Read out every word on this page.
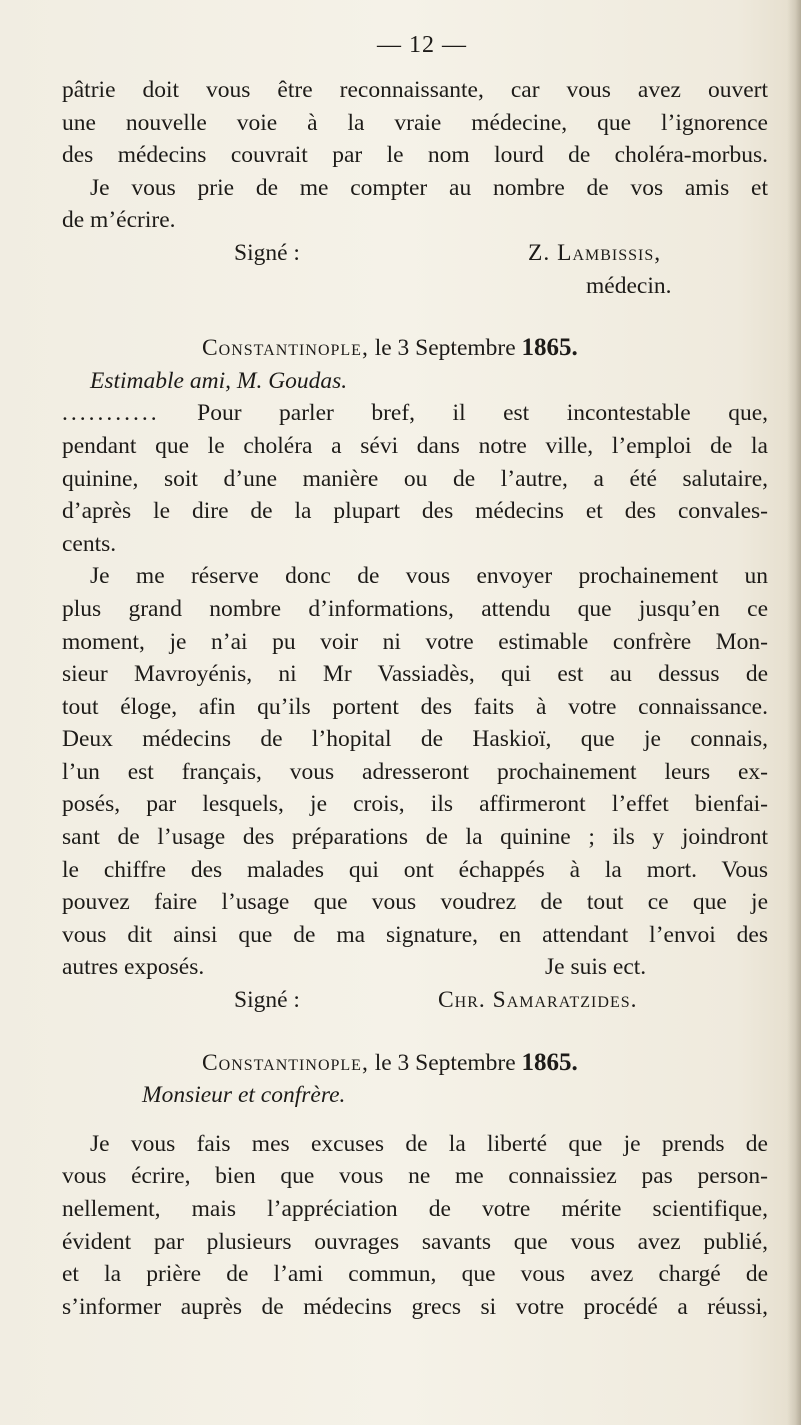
— 12 —
pâtrie doit vous être reconnaissante, car vous avez ouvert
une nouvelle voie à la vraie médecine, que l’ignorence
des médecins couvrait par le nom lourd de choléra-morbus.
Je vous prie de me compter au nombre de vos amis et
de m’écrire.
Signé :	Z. Lambissis,
médecin.
Constantinople, le 3 Septembre 1865.
Estimable ami, M. Goudas.
........... Pour parler bref, il est incontestable que,
pendant que le choléra a sévi dans notre ville, l’emploi de la
quinine, soit d’une manière ou de l’autre, a été salutaire,
d’après le dire de la plupart des médecins et des convales-
cents.
Je me réserve donc de vous envoyer prochainement un
plus grand nombre d’informations, attendu que jusqu’en ce
moment, je n’ai pu voir ni votre estimable confrère Mon-
sieur Mavroyénis, ni Mr Vassiadès, qui est au dessus de
tout éloge, afin qu’ils portent des faits à votre connaissance.
Deux médecins de l’hopital de Haskioï, que je connais,
l’un est français, vous adresseront prochainement leurs ex-
posés, par lesquels, je crois, ils affirmeront l’effet bienfai-
sant de l’usage des préparations de la quinine ; ils y joindront
le chiffre des malades qui ont échappés à la mort. Vous
pouvez faire l’usage que vous voudrez de tout ce que je
vous dit ainsi que de ma signature, en attendant l’envoi des
autres exposés.	Je suis ect.
Signé :	Chr. Samaratzides.
Constantinople, le 3 Septembre 1865.
Monsieur et confrère.
Je vous fais mes excuses de la liberté que je prends de
vous écrire, bien que vous ne me connaissiez pas person-
nellement, mais l’appréciation de votre mérite scientifique,
évident par plusieurs ouvrages savants que vous avez publié,
et la prière de l’ami commun, que vous avez chargé de
s’informer auprès de médecins grecs si votre procédé a réussi,
